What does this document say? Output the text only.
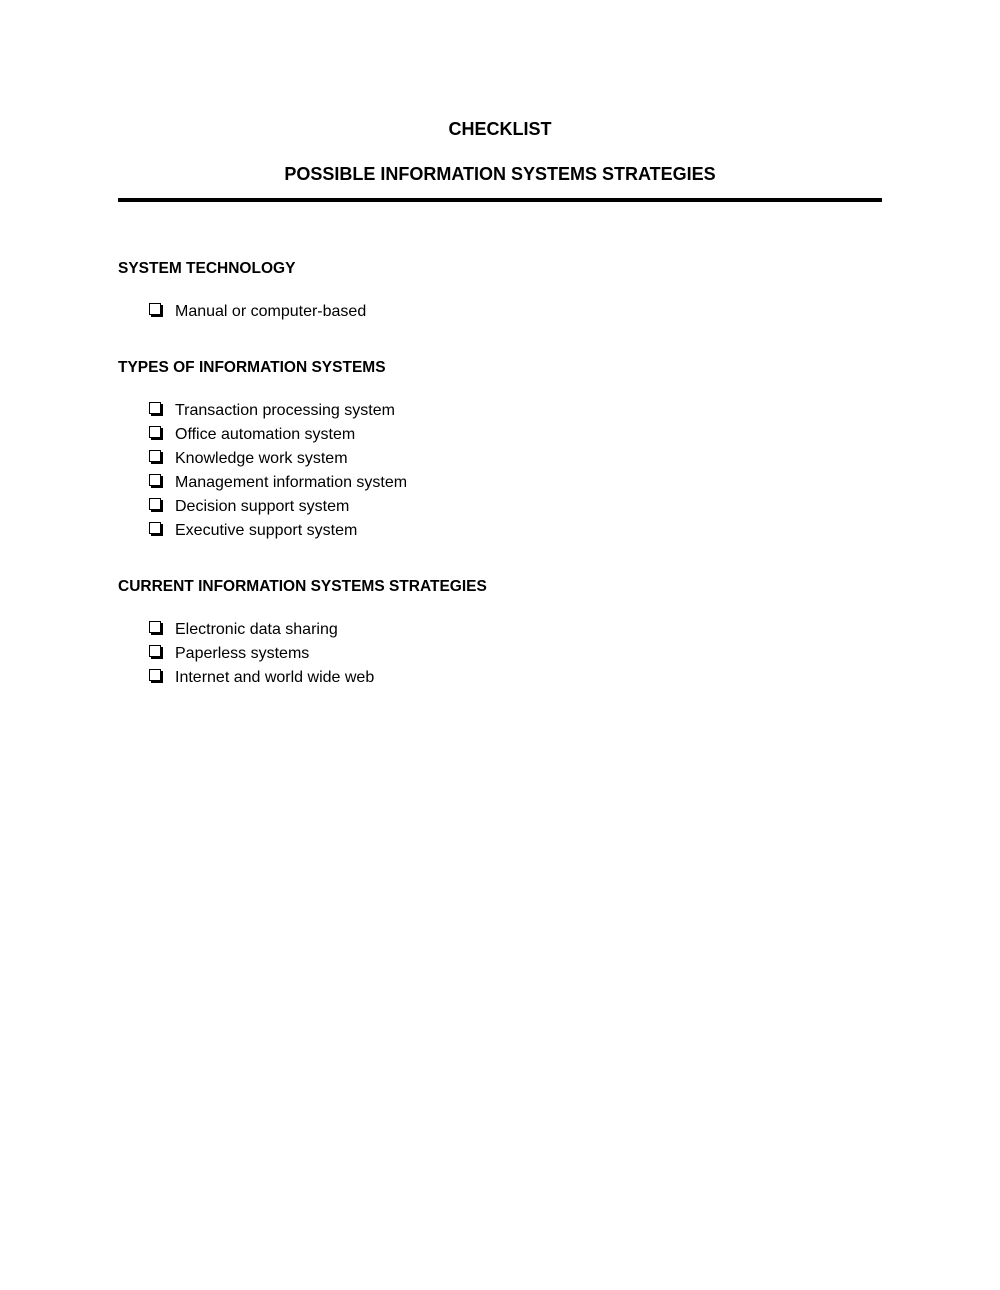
CHECKLIST
POSSIBLE INFORMATION SYSTEMS STRATEGIES
SYSTEM TECHNOLOGY
Manual or computer-based
TYPES OF INFORMATION SYSTEMS
Transaction processing system
Office automation system
Knowledge work system
Management information system
Decision support system
Executive support system
CURRENT INFORMATION SYSTEMS STRATEGIES
Electronic data sharing
Paperless systems
Internet and world wide web
